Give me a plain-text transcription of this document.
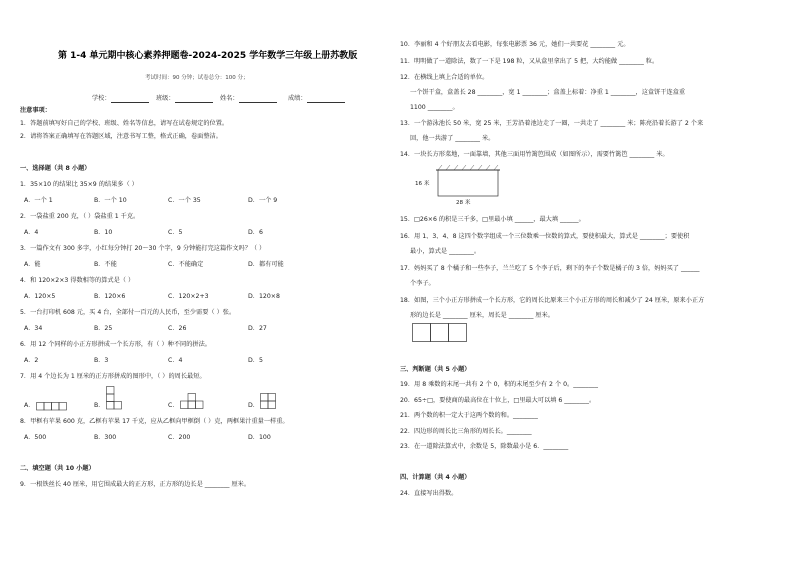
第 1-4 单元期中核心素养押题卷-2024-2025 学年数学三年级上册苏教版
考试时间：90 分钟；试卷总分：100 分；
学校：	班级：	姓名：	成绩：
注意事项：
1．答题前填写好自己的学校、班级、姓名等信息，请写在试卷规定的位置。
2．请将答案正确填写在答题区域，注意书写工整，格式正确，卷面整洁。
一、选择题（共 8 小题）
1．35×10 的结果比 35×9 的结果多（ ）
A．一个 1	B．一个 10	C．一个 35	D．一个 9
2．一袋盐重 200 克，（ ）袋盐重 1 千克。
A．4	B．10	C．5	D．6
3．一篇作文有 300 多字，小红每分钟打 20～30 个字，9 分钟能打完这篇作文吗？（ ）
A．能	B．不能	C．不能确定	D．都有可能
4．和 120×2×3 得数相等的算式是（ ）
A．120×5	B．120×6	C．120×2+3	D．120×8
5．一台打印机 608 元，买 4 台，全部付一百元的人民币，至少需要（ ）张。
A．34	B．25	C．26	D．27
6．用 12 个同样的小正方形拼成一个长方形，有（ ）种不同的拼法。
A．2	B．3	C．4	D．5
7．用 4 个边长为 1 厘米的正方形拼成的图形中，（ ）的周长最短。
A．	B．	C．	D．
8．甲框有苹果 600 克，乙框有苹果 17 千克，应从乙框向甲框倒（ ）克，两框果汁重量一样重。
A．500	B．300	C．200	D．100
二、填空题（共 10 小题）
9．一根铁丝长 40 厘米，用它围成最大的正方形，正方形的边长是 ________ 厘米。
10．李丽和 4 个好朋友去看电影，每张电影票 36 元，她们一共要花 ________ 元。
11．明明做了一道除法，数了一下是 198 粒，又从盒里拿出了 5 把，大约能做 ________ 粒。
12．在横线上填上合适的单位。
一个饼干盒，盒盖长 28 ________，宽 1 ________；盒盖上标着：净重 1 ________，这盒饼干连盒重
1100 ________。
13．一个游泳池长 50 米，宽 25 米，王芳沿着池边走了一圈，一共走了 ________ 米；陈亮沿着长游了 2 个来
回，他一共游了 ________ 米。
14．一块长方形菜地，一面靠墙，其他三面用竹篱笆围成（如图所示），需要竹篱笆 ________ 米。
16 米
28 米
15．□26×6 的积是三千多，□里最小填 ______，最大填 ______。
16．用 1、3、4、8 这四个数字组成一个三位数乘一位数的算式，要使积最大，算式是 ________；要使积
最小，算式是 ________。
17．妈妈买了 8 个橘子和一些李子，兰兰吃了 5 个李子后，剩下的李子个数是橘子的 3 倍，妈妈买了 ______
个李子。
18．如图，三个小正方形拼成一个长方形，它的周长比原来三个小正方形的周长和减少了 24 厘米，原来小正方
形的边长是 ________ 厘米，周长是 ________ 厘米。
三、判断题（共 5 小题）
19．用 8 乘数的末尾一共有 2 个 0，积的末尾至少有 2 个 0。________
20．65÷□，要使商的最高位在十位上，□里最大可以填 6 ________。
21．两个数的积一定大于这两个数的和。________
22．四边形的周长比三角形的周长长。________
23．在一道除法算式中，余数是 5，除数最小是 6．________
四、计算题（共 4 小题）
24．直接写出得数。
